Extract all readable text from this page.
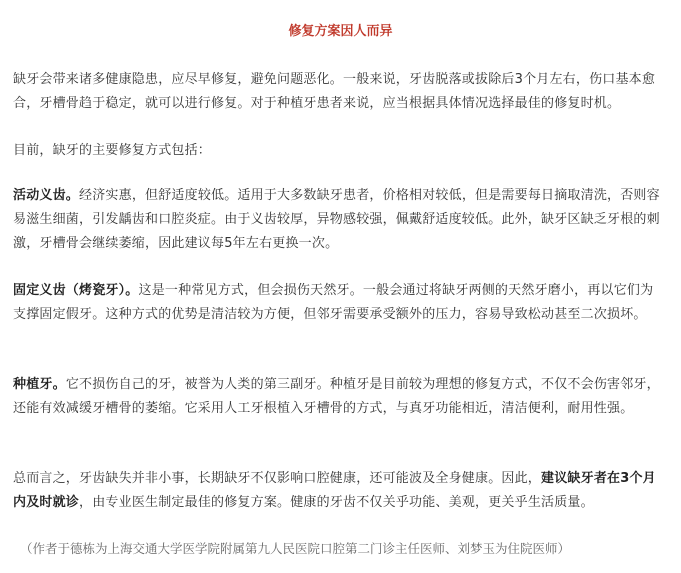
修复方案因人而异

缺牙会带来诸多健康隐患，应尽早修复，避免问题恶化。一般来说，牙齿脱落或拔除后3个月左右，伤口基本愈合，牙槽骨趋于稳定，就可以进行修复。对于种植牙患者来说，应当根据具体情况选择最佳的修复时机。

目前，缺牙的主要修复方式包括：

活动义齿。经济实惠，但舒适度较低。适用于大多数缺牙患者，价格相对较低，但是需要每日摘取清洗，否则容易滋生细菌，引发龋齿和口腔炎症。由于义齿较厚，异物感较强，佩戴舒适度较低。此外，缺牙区缺乏牙根的刺激，牙槽骨会继续萎缩，因此建议每5年左右更换一次。

固定义齿（烤瓷牙）。这是一种常见方式，但会损伤天然牙。一般会通过将缺牙两侧的天然牙磨小，再以它们为支撑固定假牙。这种方式的优势是清洁较为方便，但邻牙需要承受额外的压力，容易导致松动甚至二次损坏。

种植牙。它不损伤自己的牙，被誉为人类的第三副牙。种植牙是目前较为理想的修复方式，不仅不会伤害邻牙，还能有效减缓牙槽骨的萎缩。它采用人工牙根植入牙槽骨的方式，与真牙功能相近，清洁便利，耐用性强。

总而言之，牙齿缺失并非小事，长期缺牙不仅影响口腔健康，还可能波及全身健康。因此，建议缺牙者在3个月内及时就诊，由专业医生制定最佳的修复方案。健康的牙齿不仅关乎功能、美观，更关乎生活质量。

（作者于德栋为上海交通大学医学院附属第九人民医院口腔第二门诊主任医师、刘梦玉为住院医师）
